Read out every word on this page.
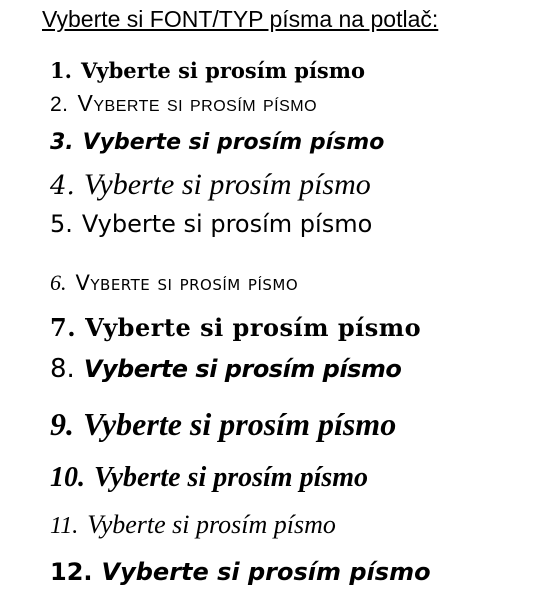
Vyberte si FONT/TYP písma na potlač:
1. Vyberte si prosím písmo
2. Vyberte si prosím písmo
3. Vyberte si prosím písmo
4. Vyberte si prosím písmo
5. Vyberte si prosím písmo
6. Vyberte si prosím písmo
7. Vyberte si prosím písmo
8. Vyberte si prosím písmo
9. Vyberte si prosím písmo
10. Vyberte si prosím písmo
11. Vyberte si prosím písmo
12. Vyberte si prosím písmo
